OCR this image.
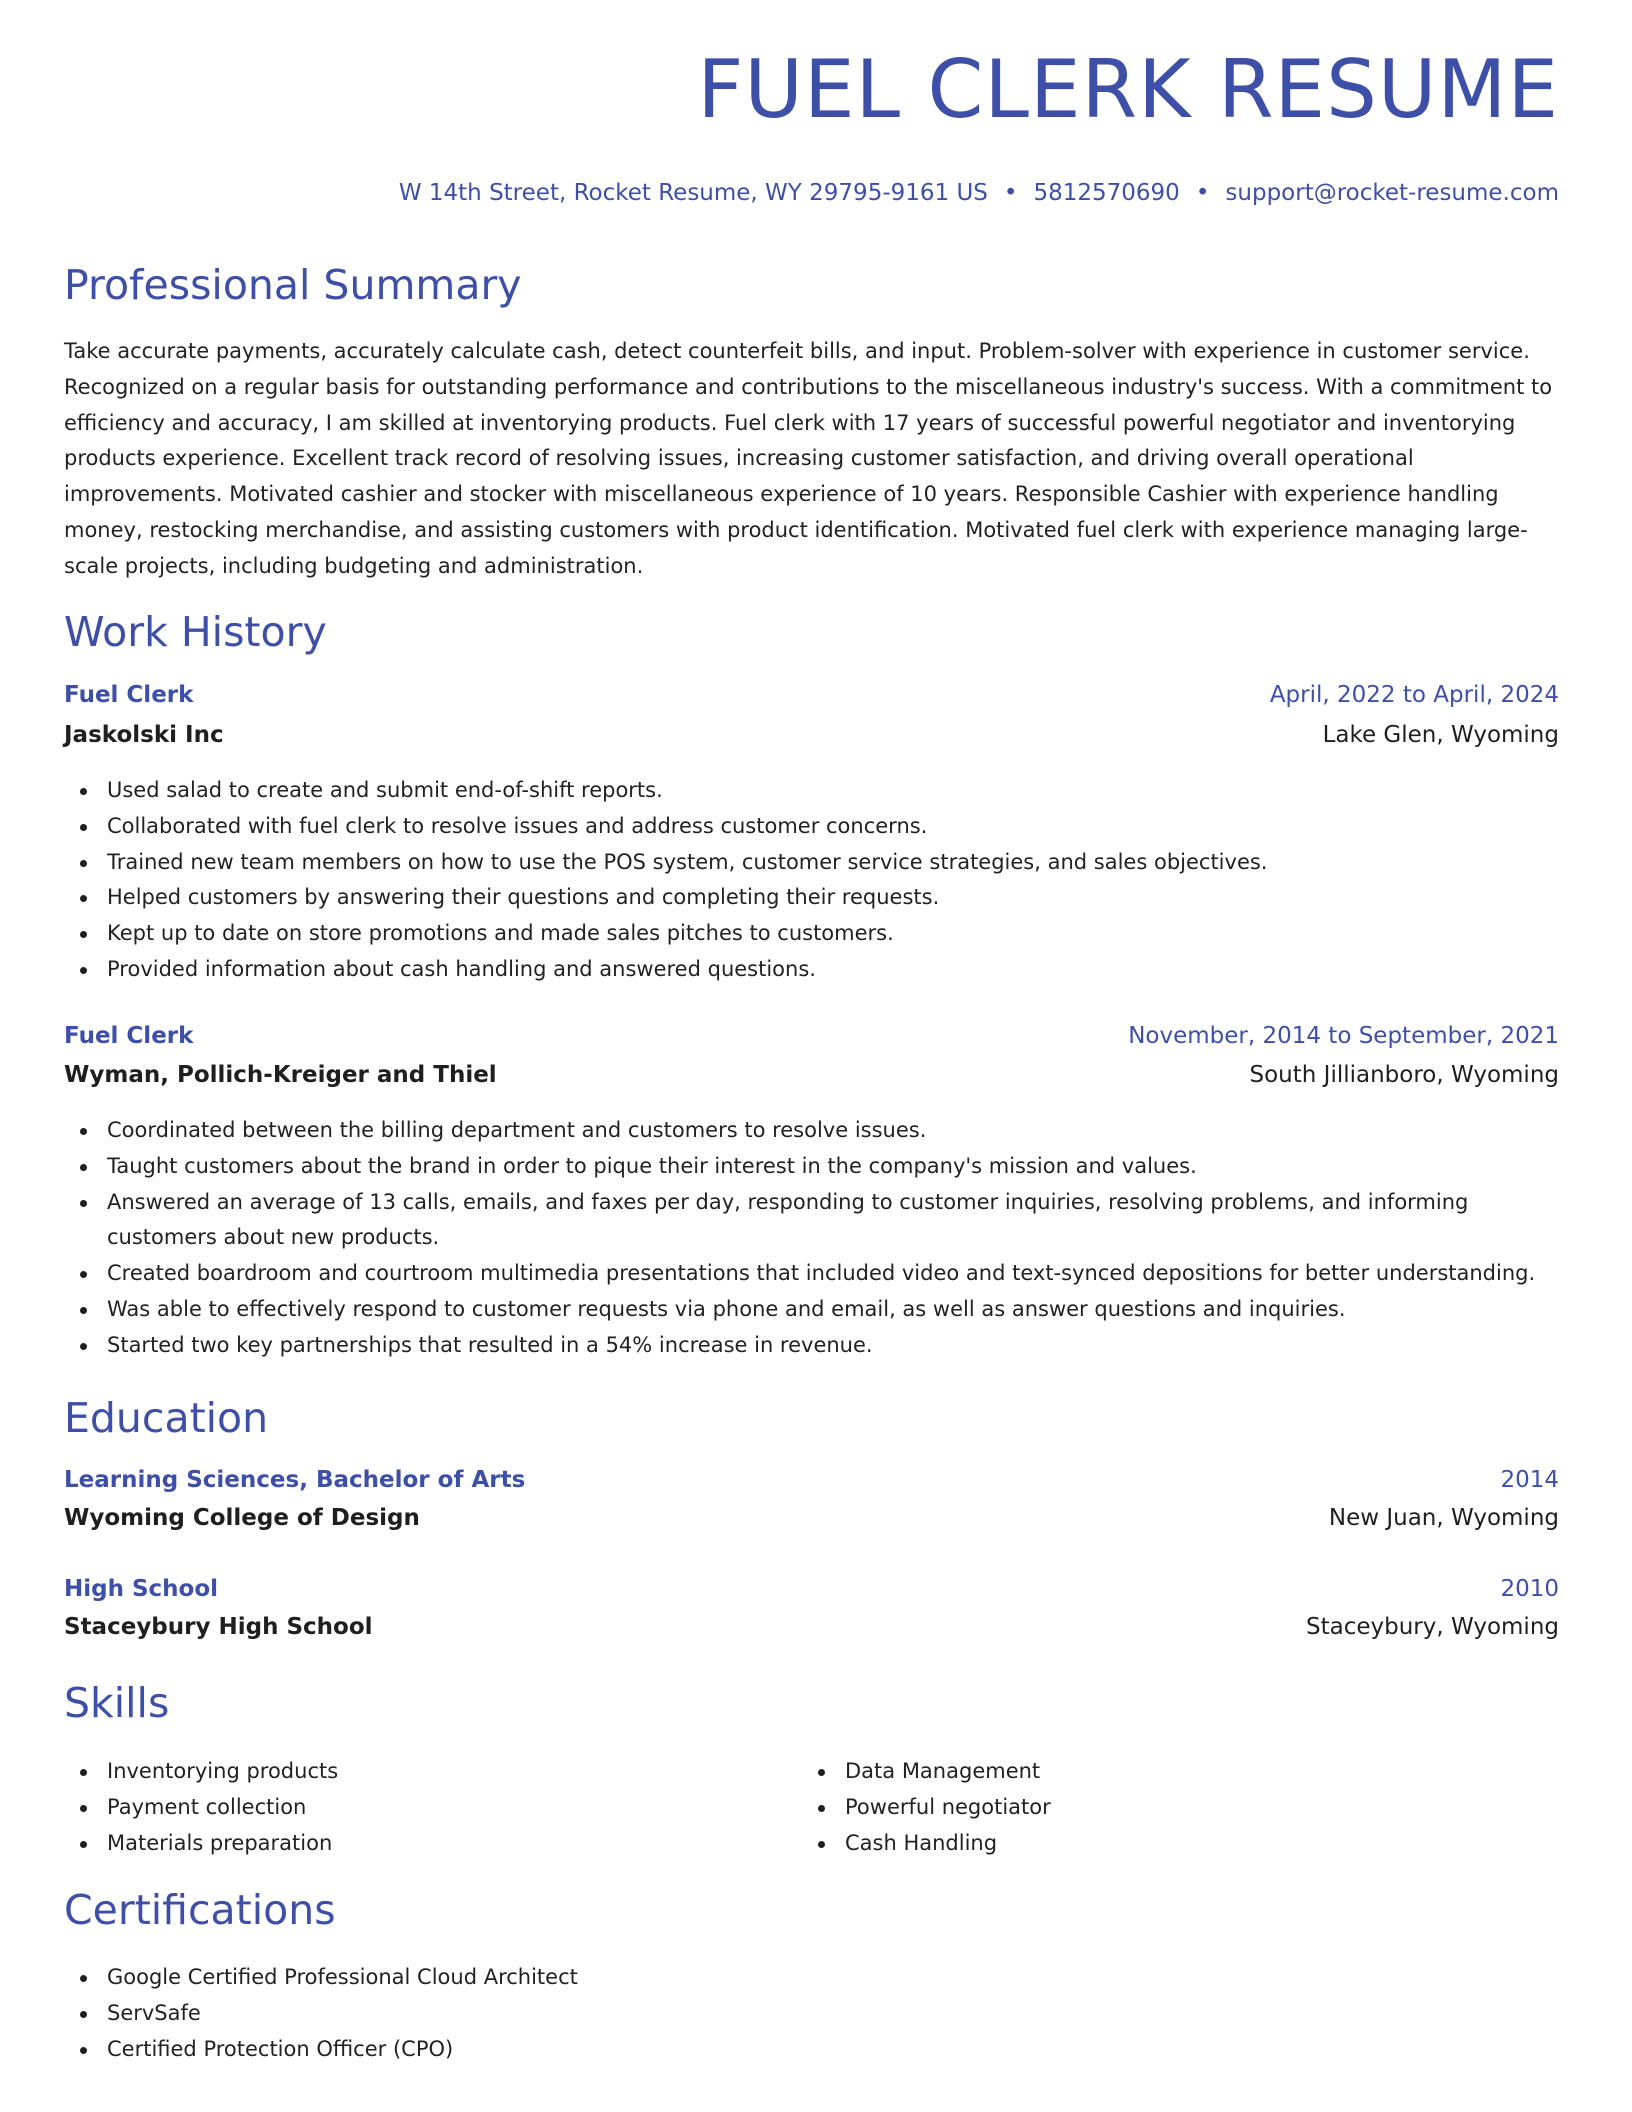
FUEL CLERK RESUME
W 14th Street, Rocket Resume, WY 29795-9161 US • 5812570690 • support@rocket-resume.com
Professional Summary

Take accurate payments, accurately calculate cash, detect counterfeit bills, and input. Problem-solver with experience in customer service. Recognized on a regular basis for outstanding performance and contributions to the miscellaneous industry's success. With a commitment to efficiency and accuracy, I am skilled at inventorying products. Fuel clerk with 17 years of successful powerful negotiator and inventorying products experience. Excellent track record of resolving issues, increasing customer satisfaction, and driving overall operational improvements. Motivated cashier and stocker with miscellaneous experience of 10 years. Responsible Cashier with experience handling money, restocking merchandise, and assisting customers with product identification. Motivated fuel clerk with experience managing large-scale projects, including budgeting and administration.

Work History
Fuel Clerk	April, 2022 to April, 2024
Jaskolski Inc	Lake Glen, Wyoming
Used salad to create and submit end-of-shift reports.
Collaborated with fuel clerk to resolve issues and address customer concerns.
Trained new team members on how to use the POS system, customer service strategies, and sales objectives.
Helped customers by answering their questions and completing their requests.
Kept up to date on store promotions and made sales pitches to customers.
Provided information about cash handling and answered questions.
Fuel Clerk	November, 2014 to September, 2021
Wyman, Pollich-Kreiger and Thiel	South Jillianboro, Wyoming
Coordinated between the billing department and customers to resolve issues.
Taught customers about the brand in order to pique their interest in the company's mission and values.
Answered an average of 13 calls, emails, and faxes per day, responding to customer inquiries, resolving problems, and informing customers about new products.
Created boardroom and courtroom multimedia presentations that included video and text-synced depositions for better understanding.
Was able to effectively respond to customer requests via phone and email, as well as answer questions and inquiries.
Started two key partnerships that resulted in a 54% increase in revenue.
Education
Learning Sciences, Bachelor of Arts	2014
Wyoming College of Design	New Juan, Wyoming
High School	2010
Staceybury High School	Staceybury, Wyoming
Skills
Inventorying products
Payment collection
Materials preparation
Data Management
Powerful negotiator
Cash Handling
Certifications
Google Certified Professional Cloud Architect
ServSafe
Certified Protection Officer (CPO)
